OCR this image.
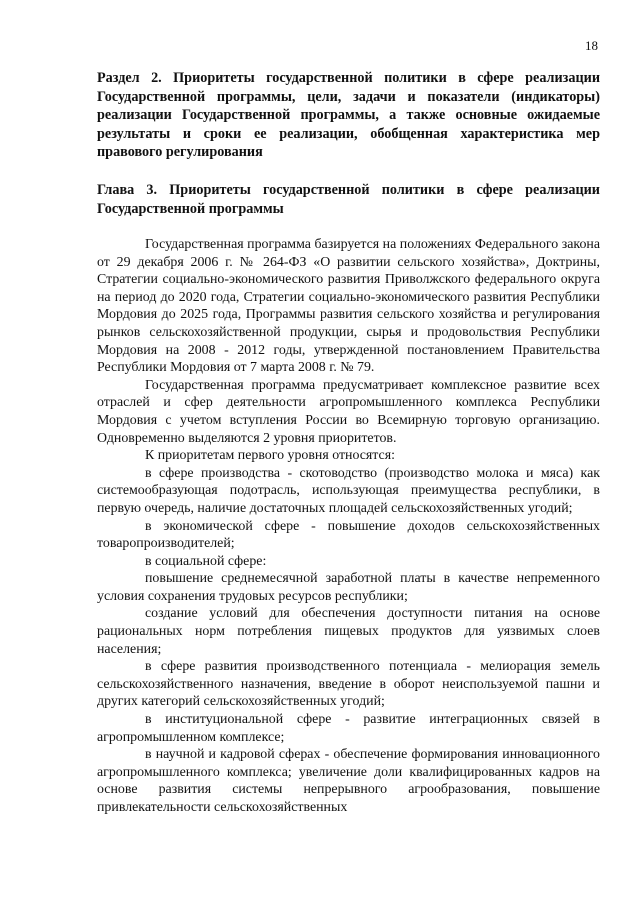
18
Раздел 2. Приоритеты государственной политики в сфере реализации Государственной программы, цели, задачи и показатели (индикаторы) реализации Государственной программы, а также основные ожидаемые результаты и сроки ее реализации, обобщенная характеристика мер правового регулирования
Глава 3. Приоритеты государственной политики в сфере реализации Государственной программы

Государственная программа базируется на положениях Федерального закона от 29 декабря 2006 г. № 264-ФЗ «О развитии сельского хозяйства», Доктрины, Стратегии социально-экономического развития Приволжского федерального округа на период до 2020 года, Стратегии социально-экономического развития Республики Мордовия до 2025 года, Программы развития сельского хозяйства и регулирования рынков сельскохозяйственной продукции, сырья и продовольствия Республики Мордовия на 2008 - 2012 годы, утвержденной постановлением Правительства Республики Мордовия от 7 марта 2008 г. № 79.

Государственная программа предусматривает комплексное развитие всех отраслей и сфер деятельности агропромышленного комплекса Республики Мордовия с учетом вступления России во Всемирную торговую организацию. Одновременно выделяются 2 уровня приоритетов.

К приоритетам первого уровня относятся:

в сфере производства - скотоводство (производство молока и мяса) как системообразующая подотрасль, использующая преимущества республики, в первую очередь, наличие достаточных площадей сельскохозяйственных угодий;

в экономической сфере - повышение доходов сельскохозяйственных товаропроизводителей;

в социальной сфере:

повышение среднемесячной заработной платы в качестве непременного условия сохранения трудовых ресурсов республики;

создание условий для обеспечения доступности питания на основе рациональных норм потребления пищевых продуктов для уязвимых слоев населения;

в сфере развития производственного потенциала - мелиорация земель сельскохозяйственного назначения, введение в оборот неиспользуемой пашни и других категорий сельскохозяйственных угодий;

в институциональной сфере - развитие интеграционных связей в агропромышленном комплексе;

в научной и кадровой сферах - обеспечение формирования инновационного агропромышленного комплекса; увеличение доли квалифицированных кадров на основе развития системы непрерывного агрообразования, повышение привлекательности сельскохозяйственных
